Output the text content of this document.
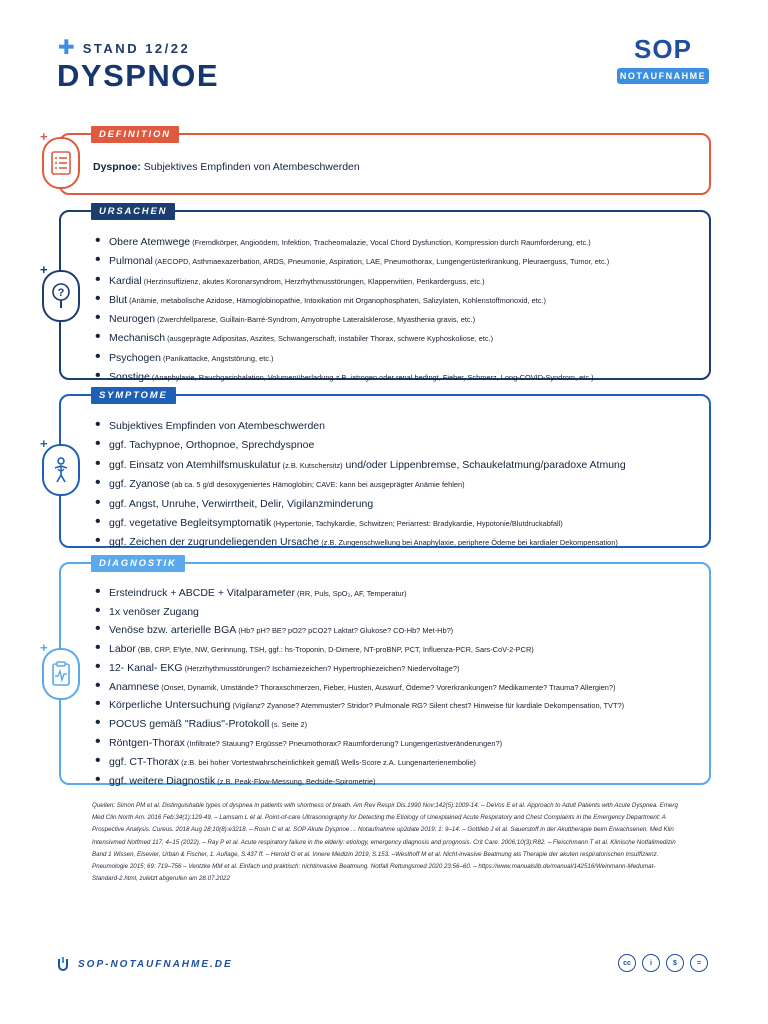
✚ STAND 12/22
DYSPNOE
SOP
NOTAUFNAHME
DEFINITION
+
Dyspnoe: Subjektives Empfinden von Atembeschwerden
URSACHEN
+
?
• Obere Atemwege (Fremdkörper, Angioödem, Infektion, Tracheomalazie, Vocal Chord Dysfunction, Kompression durch Raumforderung, etc.)
• Pulmonal (AECOPD, Asthmaexazerbation, ARDS, Pneumonie, Aspiration, LAE, Pneumothorax, Lungengerüsterkrankung, Pleuraerguss, Tumor, etc.)
• Kardial (Herzinsuffizienz, akutes Koronarsyndrom, Herzrhythmusstörungen, Klappenvitien, Perikarderguss, etc.)
• Blut (Anämie, metabolische Azidose, Hämoglobinopathie, Intoxikation mit Organophosphaten, Salizylaten, Kohlenstoffmonoxid, etc.)
• Neurogen (Zwerchfellparese, Guillain-Barré-Syndrom, Amyotrophe Lateralsklerose, Myasthenia gravis, etc.)
• Mechanisch (ausgeprägte Adipositas, Aszites, Schwangerschaft, instabiler Thorax, schwere Kyphoskoliose, etc.)
• Psychogen (Panikattacke, Angststörung, etc.)
• Sonstige (Anaphylaxie, Rauchgasinhalation, Volumenüberladung z.B. iatrogen oder renal bedingt, Fieber, Schmerz, Long-COVID-Syndrom, etc.)
SYMPTOME
+
• Subjektives Empfinden von Atembeschwerden
• ggf. Tachypnoe, Orthopnoe, Sprechdyspnoe
• ggf. Einsatz von Atemhilfsmuskulatur (z.B. Kutschersitz) und/oder Lippenbremse, Schaukelatmung/paradoxe Atmung
• ggf. Zyanose (ab ca. 5 g/dl desoxygeniertes Hämoglobin; CAVE: kann bei ausgeprägter Anämie fehlen)
• ggf. Angst, Unruhe, Verwirrtheit, Delir, Vigilanzminderung
• ggf. vegetative Begleitsymptomatik (Hypertonie, Tachykardie, Schwitzen; Periarrest: Bradykardie, Hypotonie/Blutdruckabfall)
• ggf. Zeichen der zugrundeliegenden Ursache (z.B. Zungenschwellung bei Anaphylaxie, periphere Ödeme bei kardialer Dekompensation)
DIAGNOSTIK
+
• Ersteindruck + ABCDE + Vitalparameter (RR, Puls, SpO₂, AF, Temperatur)
• 1x venöser Zugang
• Venöse bzw. arterielle BGA (Hb? pH? BE? pO2? pCO2? Laktat? Glukose? CO-Hb? Met-Hb?)
• Labor (BB, CRP, E'lyte, NW, Gerinnung, TSH, ggf.: hs-Troponin, D-Dimere, NT-proBNP, PCT, Influenza-PCR, Sars-CoV-2-PCR)
• 12- Kanal- EKG (Herzrhythmusstörungen? Ischämiezeichen? Hypertrophiezeichen? Niedervoltage?)
• Anamnese (Onset, Dynamik, Umstände? Thoraxschmerzen, Fieber, Husten, Auswurf, Ödeme? Vorerkrankungen? Medikamente? Trauma? Allergien?)
• Körperliche Untersuchung (Vigilanz? Zyanose? Atemmuster? Stridor? Pulmonale RG? Silent chest? Hinweise für kardiale Dekompensation, TVT?)
• POCUS gemäß "Radius"-Protokoll (s. Seite 2)
• Röntgen-Thorax (Infiltrate? Stauung? Ergüsse? Pneumothorax? Raumforderung? Lungengerüstveränderungen?)
• ggf. CT-Thorax (z.B. bei hoher Vortestwahrscheinlichkeit gemäß Wells-Score z.A. Lungenarterienembolie)
• ggf. weitere Diagnostik (z.B. Peak-Flow-Messung, Bedside-Spirometrie)
Quellen: Simon PM et al. Distinguishable types of dyspnea in patients with shortness of breath. Am Rev Respir Dis.1990 Nov;142(5):1009-14. – DeVos E et al. Approach to Adult Patients with Acute Dyspnea. Emerg Med Clin North Am. 2016 Feb;34(1):129-49. – Lamsam L et al. Point-of-care Ultrasonography for Detecting the Etiology of Unexplained Acute Respiratory and Chest Complaints in the Emergency Department: A Prospective Analysis. Cureus. 2018 Aug 28;10(8):e3218. – Rosin C et al. SOP Akute Dyspnoe ... Notaufnahme up2date 2019; 1: 9–14. – Gottlieb J et al. Sauerstoff in der Akuttherapie beim Erwachsenen. Med Klin Intensivmed Notfmed 117, 4–15 (2022). – Ray P et al. Acute respiratory failure in the elderly: etiology, emergency diagnosis and prognosis. Crit Care. 2006;10(3):R82. – Fleischmann T et al. Klinische Notfallmedizin Band 1 Wissen, Elsevier, Urban & Fischer, 1. Auflage, S.437 ff. – Herold G et al. Innere Medizin 2019, S.153. –Westhoff M et al. Nicht-invasive Beatmung als Therapie der akuten respiratorischen Insuffizienz. Pneumologie 2015; 69: 719–756 – Ventzke MM et al. Einfach und praktisch: nichtinvasive Beatmung. Notfall Rettungsmed 2020 23:56–60. – https://www.manualslib.de/manual/142516/Weinmann-Medumat-Standard-2.html, zuletzt abgerufen am 28.07.2022
SOP-NOTAUFNAHME.DE	cc	i	$	=
